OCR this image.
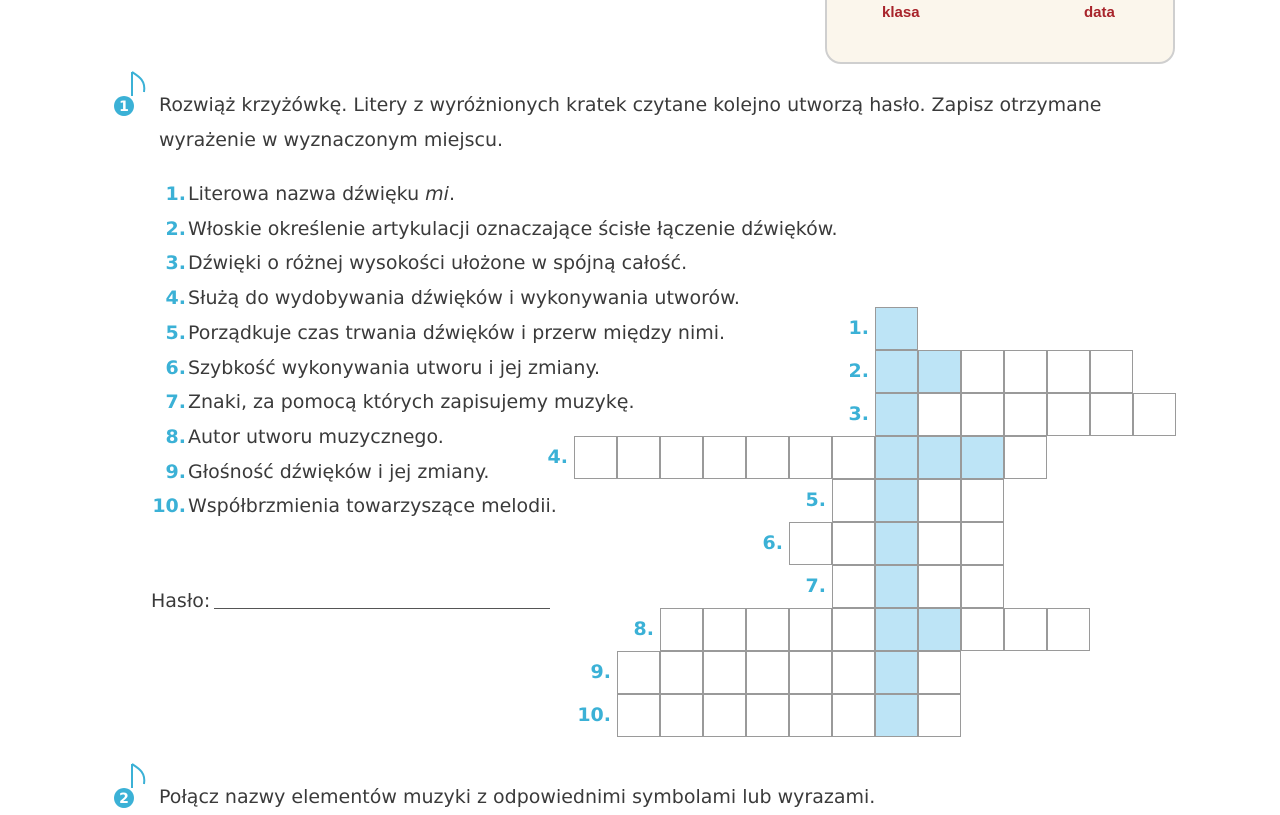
klasa	data
1 Rozwiąż krzyżówkę. Litery z wyróżnionych kratek czytane kolejno utworzą hasło. Zapisz otrzymane wyrażenie w wyznaczonym miejscu.
1. Literowa nazwa dźwięku mi.
2. Włoskie określenie artykulacji oznaczające ścisłe łączenie dźwięków.
3. Dźwięki o różnej wysokości ułożone w spójną całość.
4. Służą do wydobywania dźwięków i wykonywania utworów.
5. Porządkuje czas trwania dźwięków i przerw między nimi.
6. Szybkość wykonywania utworu i jej zmiany.
7. Znaki, za pomocą których zapisujemy muzykę.
8. Autor utworu muzycznego.
9. Głośność dźwięków i jej zmiany.
10. Współbrzmienia towarzyszące melodii.
Hasło:
1.
2.
3.
4.
5.
6.
7.
8.
9.
10.
2 Połącz nazwy elementów muzyki z odpowiednimi symbolami lub wyrazami.
